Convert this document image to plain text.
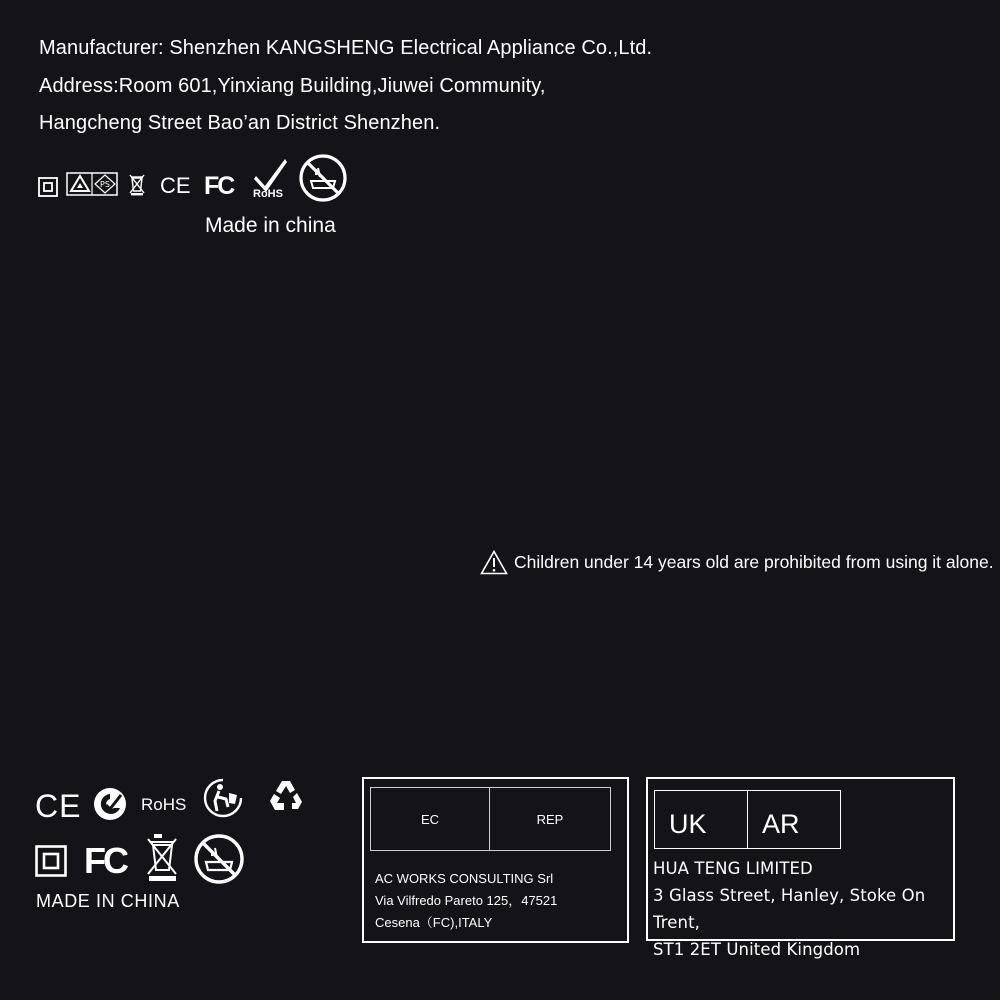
Manufacturer: Shenzhen KANGSHENG Electrical Appliance Co.,Ltd.
Address:Room 601,Yinxiang Building,Jiuwei Community,
Hangcheng Street Bao’an District Shenzhen.
PS CE FC RoHS
Made in china
Children under 14 years old are prohibited from using it alone.
CE	RoHS
FC
MADE IN CHINA
EC	REP
AC WORKS CONSULTING Srl
Via Vilfredo Pareto 125，47521
Cesena（FC),ITALY
UK	AR
HUA TENG LIMITED
3 Glass Street, Hanley, Stoke On Trent,
ST1 2ET United Kingdom
